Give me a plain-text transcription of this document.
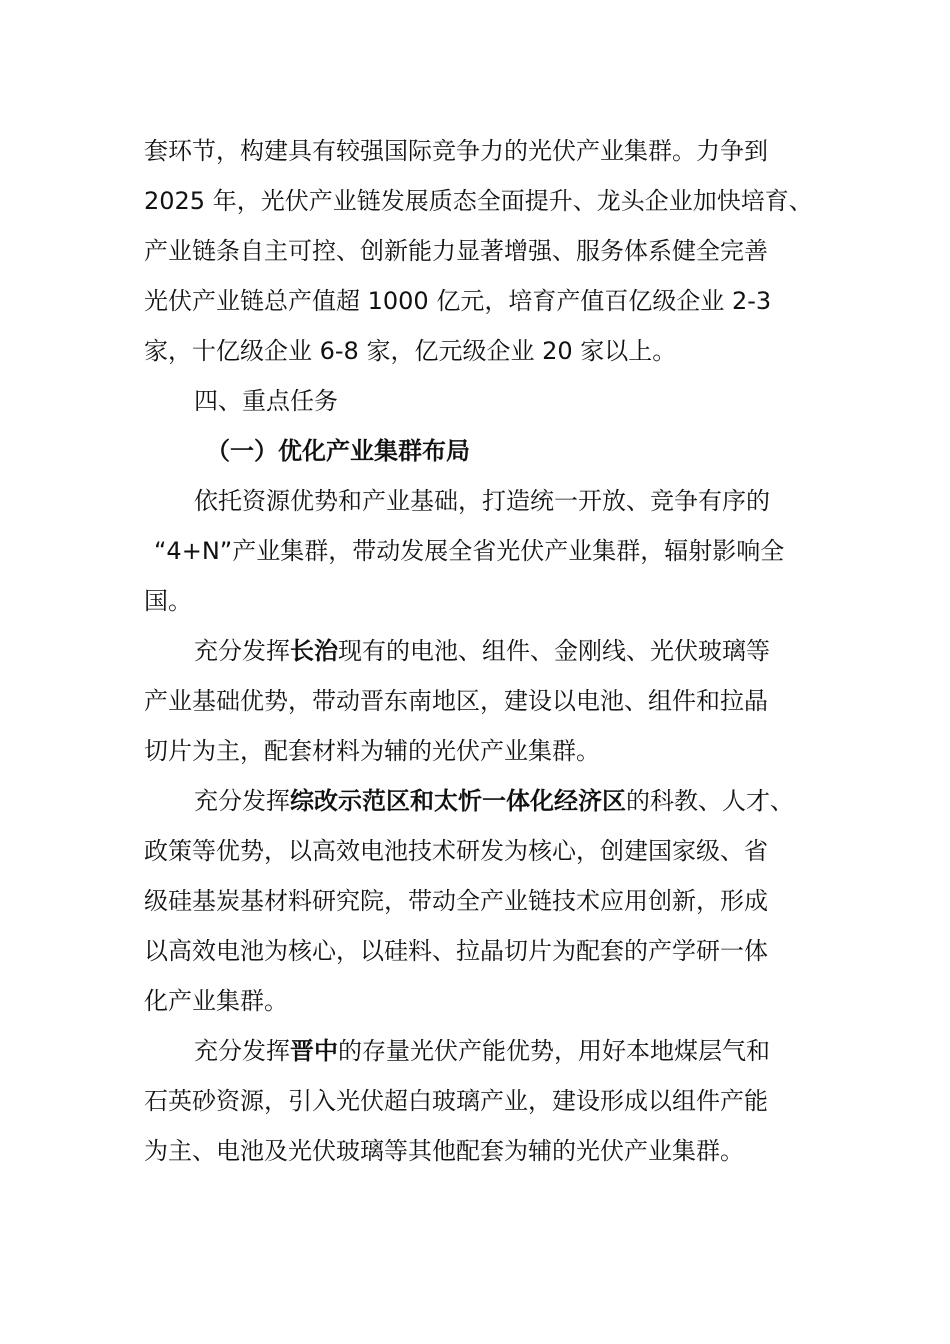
套环节，构建具有较强国际竞争力的光伏产业集群。力争到
2025 年，光伏产业链发展质态全面提升、龙头企业加快培育、
产业链条自主可控、创新能力显著增强、服务体系健全完善
光伏产业链总产值超 1000 亿元，培育产值百亿级企业 2-3
家，十亿级企业 6-8 家，亿元级企业 20 家以上。
四、重点任务
（一）优化产业集群布局
依托资源优势和产业基础，打造统一开放、竞争有序的
“4+N”产业集群，带动发展全省光伏产业集群，辐射影响全
国。
充分发挥长治现有的电池、组件、金刚线、光伏玻璃等
产业基础优势，带动晋东南地区，建设以电池、组件和拉晶
切片为主，配套材料为辅的光伏产业集群。
充分发挥综改示范区和太忻一体化经济区的科教、人才、
政策等优势，以高效电池技术研发为核心，创建国家级、省
级硅基炭基材料研究院，带动全产业链技术应用创新，形成
以高效电池为核心，以硅料、拉晶切片为配套的产学研一体
化产业集群。
充分发挥晋中的存量光伏产能优势，用好本地煤层气和
石英砂资源，引入光伏超白玻璃产业，建设形成以组件产能
为主、电池及光伏玻璃等其他配套为辅的光伏产业集群。
